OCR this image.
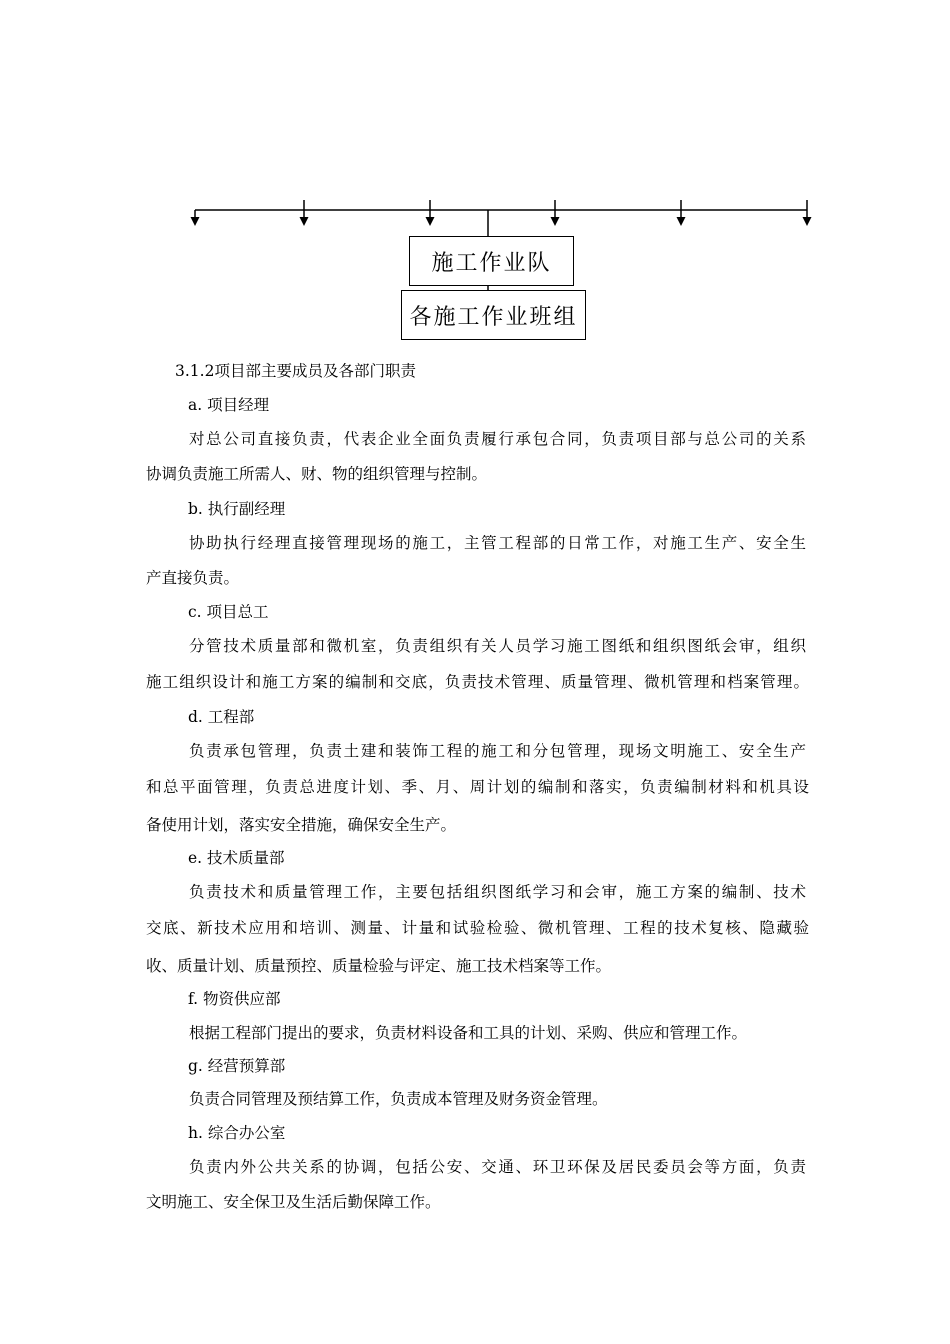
施工作业队
各施工作业班组
3.1.2项目部主要成员及各部门职责
a. 项目经理
对总公司直接负责，代表企业全面负责履行承包合同，负责项目部与总公司的关系
协调负责施工所需人、财、物的组织管理与控制。
b. 执行副经理
协助执行经理直接管理现场的施工，主管工程部的日常工作，对施工生产、安全生
产直接负责。
c. 项目总工
分管技术质量部和微机室，负责组织有关人员学习施工图纸和组织图纸会审，组织
施工组织设计和施工方案的编制和交底，负责技术管理、质量管理、微机管理和档案管理。
d. 工程部
负责承包管理，负责土建和装饰工程的施工和分包管理，现场文明施工、安全生产
和总平面管理，负责总进度计划、季、月、周计划的编制和落实，负责编制材料和机具设
备使用计划，落实安全措施，确保安全生产。
e. 技术质量部
负责技术和质量管理工作，主要包括组织图纸学习和会审，施工方案的编制、技术
交底、新技术应用和培训、测量、计量和试验检验、微机管理、工程的技术复核、隐藏验
收、质量计划、质量预控、质量检验与评定、施工技术档案等工作。
f. 物资供应部
根据工程部门提出的要求，负责材料设备和工具的计划、采购、供应和管理工作。
g. 经营预算部
负责合同管理及预结算工作，负责成本管理及财务资金管理。
h. 综合办公室
负责内外公共关系的协调，包括公安、交通、环卫环保及居民委员会等方面，负责
文明施工、安全保卫及生活后勤保障工作。
